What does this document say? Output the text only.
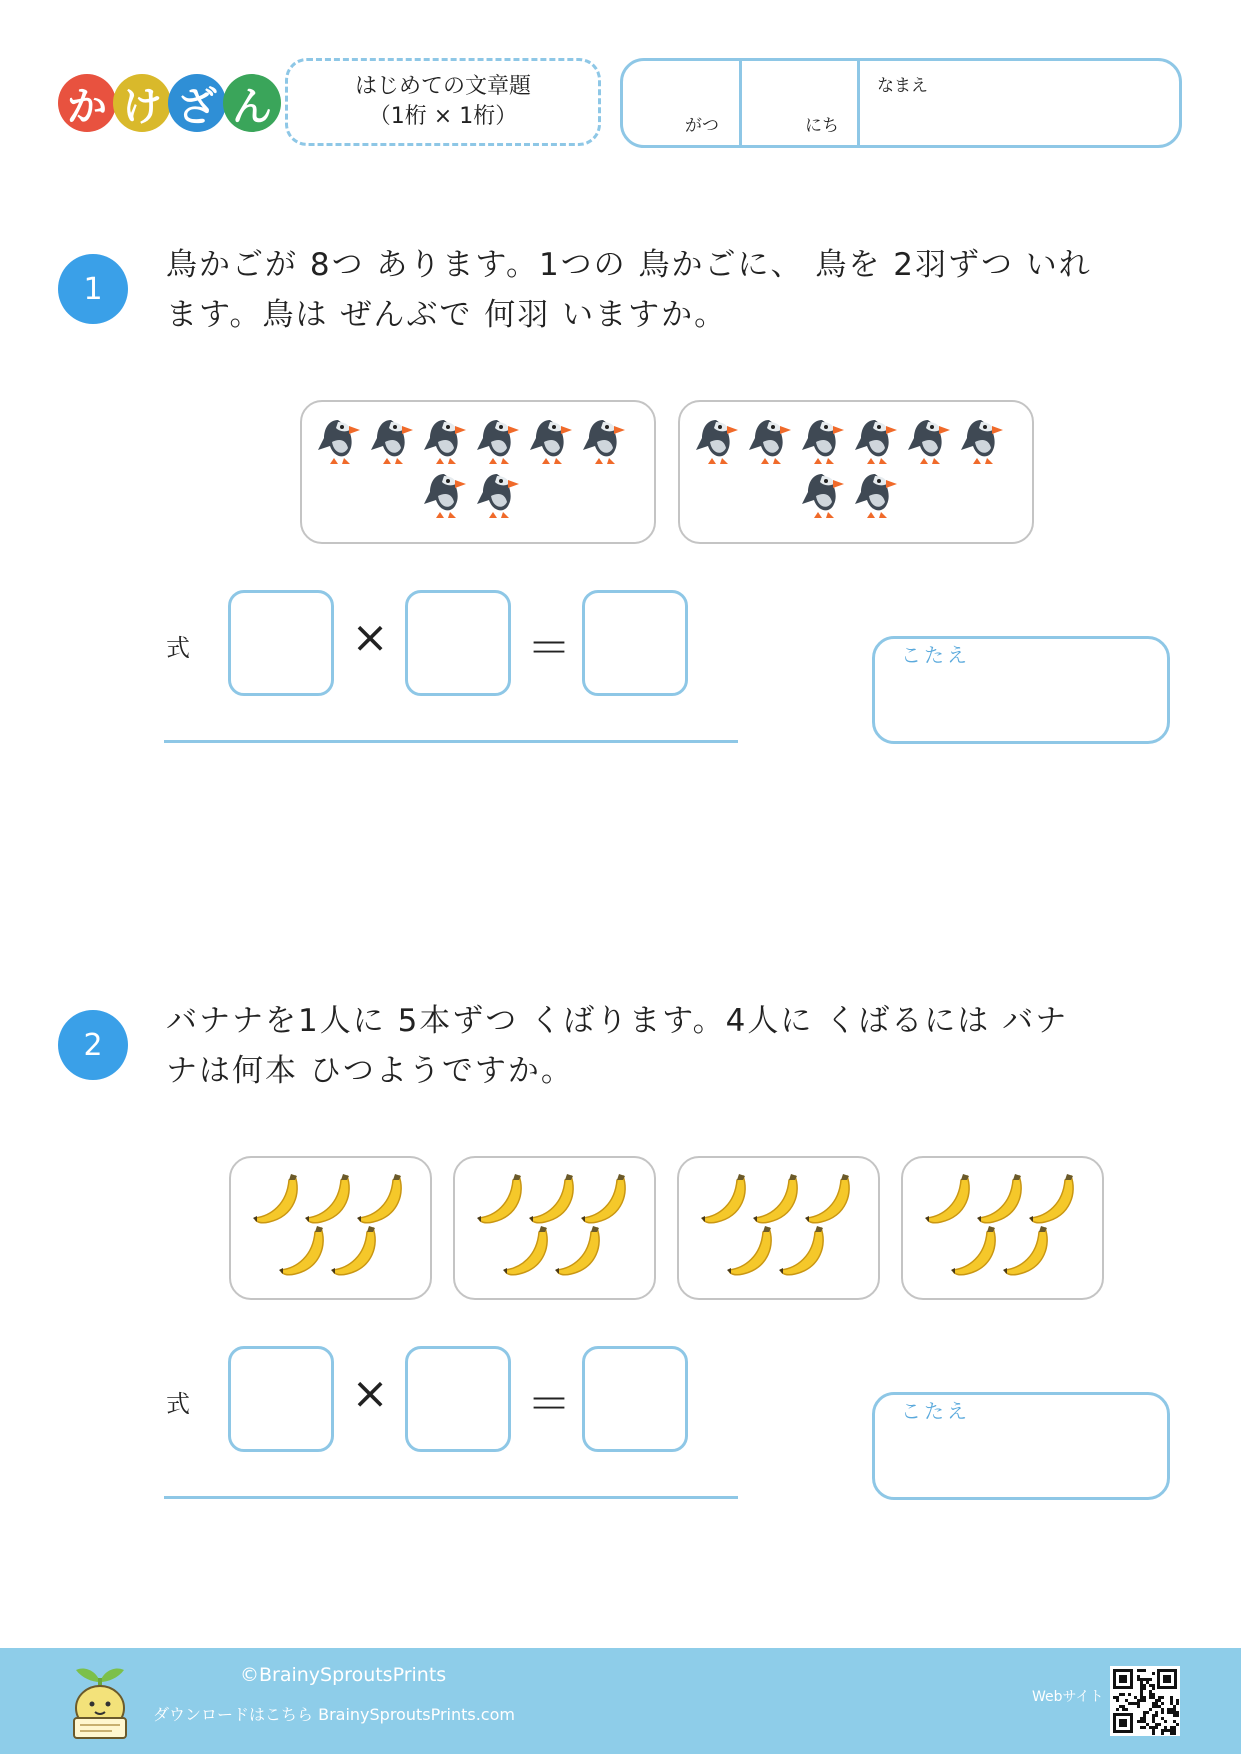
か け ざ ん	はじめての文章題
（1桁 × 1桁）	がつ	にち
なまえ
1
鳥かごが 8つ あります。1つの 鳥かごに、 鳥を 2羽ずつ いれ
ます。鳥は ぜんぶで 何羽 いますか。
式	×	＝	こたえ
2
バナナを1人に 5本ずつ くばります。4人に くばるには バナ
ナは何本 ひつようですか。
式	×	＝	こたえ
©BrainySproutsPrints
ダウンロードはこちら BrainySproutsPrints.com
Webサイト
